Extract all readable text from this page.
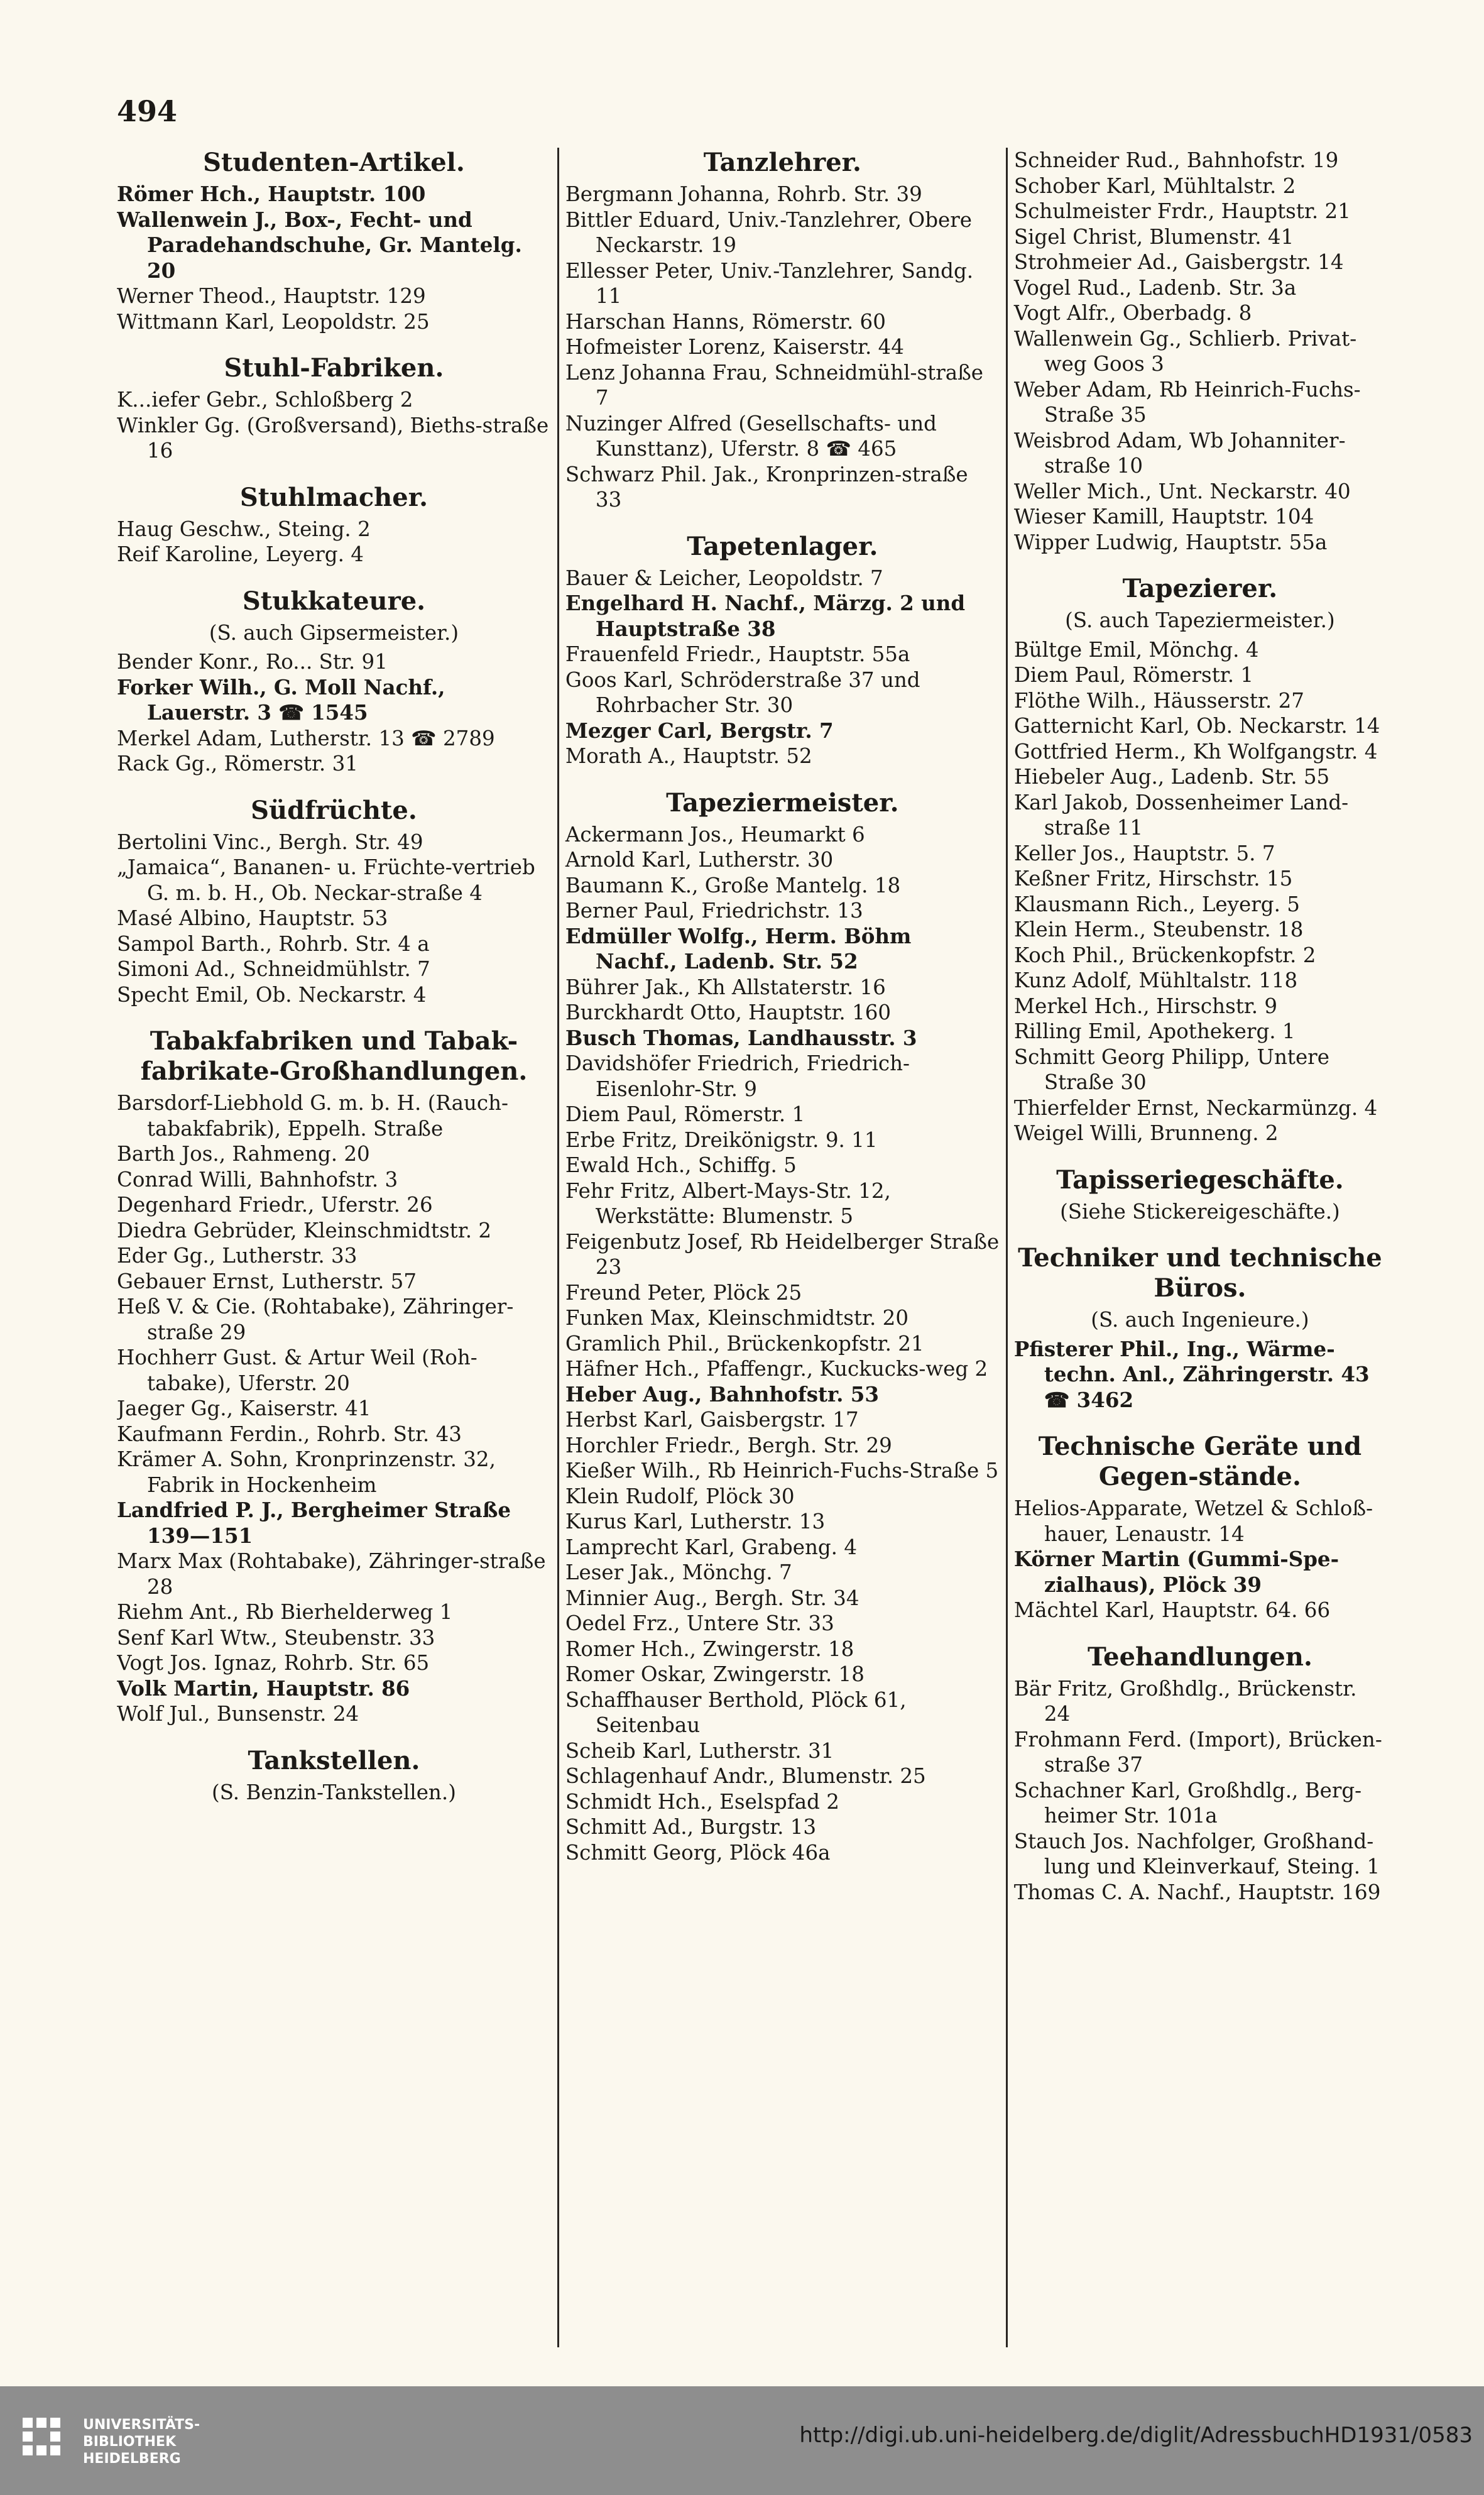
494
Studenten-Artikel.
Römer Hch., Hauptstr. 100
Wallenwein J., Box-, Fecht- und Paradehandschuhe, Gr. Mantelg. 20
Werner Theod., Hauptstr. 129
Wittmann Karl, Leopoldstr. 25
Stuhl-Fabriken.
K...iefer Gebr., Schloßberg 2
Winkler Gg. (Großversand), Bieths-straße 16
Stuhlmacher.
Haug Geschw., Steing. 2
Reif Karoline, Leyerg. 4
Stukkateure.
(S. auch Gipsermeister.)
Bender Konr., Ro... Str. 91
Forker Wilh., G. Moll Nachf., Lauerstr. 3 ☎ 1545
Merkel Adam, Lutherstr. 13 ☎ 2789
Rack Gg., Römerstr. 31
Südfrüchte.
Bertolini Vinc., Bergh. Str. 49
„Jamaica“, Bananen- u. Früchte-vertrieb G. m. b. H., Ob. Neckar-straße 4
Masé Albino, Hauptstr. 53
Sampol Barth., Rohrb. Str. 4 a
Simoni Ad., Schneidmühlstr. 7
Specht Emil, Ob. Neckarstr. 4
Tabakfabriken und Tabak-fabrikate-Großhandlungen.
Barsdorf-Liebhold G. m. b. H. (Rauch-tabakfabrik), Eppelh. Straße
Barth Jos., Rahmeng. 20
Conrad Willi, Bahnhofstr. 3
Degenhard Friedr., Uferstr. 26
Diedra Gebrüder, Kleinschmidtstr. 2
Eder Gg., Lutherstr. 33
Gebauer Ernst, Lutherstr. 57
Heß V. & Cie. (Rohtabake), Zähringer-straße 29
Hochherr Gust. & Artur Weil (Roh-tabake), Uferstr. 20
Jaeger Gg., Kaiserstr. 41
Kaufmann Ferdin., Rohrb. Str. 43
Krämer A. Sohn, Kronprinzenstr. 32, Fabrik in Hockenheim
Landfried P. J., Bergheimer Straße 139—151
Marx Max (Rohtabake), Zähringer-straße 28
Riehm Ant., Rb Bierhelderweg 1
Senf Karl Wtw., Steubenstr. 33
Vogt Jos. Ignaz, Rohrb. Str. 65
Volk Martin, Hauptstr. 86
Wolf Jul., Bunsenstr. 24
Tankstellen.
(S. Benzin-Tankstellen.)
Tanzlehrer.
Bergmann Johanna, Rohrb. Str. 39
Bittler Eduard, Univ.-Tanzlehrer, Obere Neckarstr. 19
Ellesser Peter, Univ.-Tanzlehrer, Sandg. 11
Harschan Hanns, Römerstr. 60
Hofmeister Lorenz, Kaiserstr. 44
Lenz Johanna Frau, Schneidmühl-straße 7
Nuzinger Alfred (Gesellschafts- und Kunsttanz), Uferstr. 8 ☎ 465
Schwarz Phil. Jak., Kronprinzen-straße 33
Tapetenlager.
Bauer & Leicher, Leopoldstr. 7
Engelhard H. Nachf., Märzg. 2 und Hauptstraße 38
Frauenfeld Friedr., Hauptstr. 55a
Goos Karl, Schröderstraße 37 und Rohrbacher Str. 30
Mezger Carl, Bergstr. 7
Morath A., Hauptstr. 52
Tapeziermeister.
Ackermann Jos., Heumarkt 6
Arnold Karl, Lutherstr. 30
Baumann K., Große Mantelg. 18
Berner Paul, Friedrichstr. 13
Edmüller Wolfg., Herm. Böhm Nachf., Ladenb. Str. 52
Bührer Jak., Kh Allstaterstr. 16
Burckhardt Otto, Hauptstr. 160
Busch Thomas, Landhausstr. 3
Davidshöfer Friedrich, Friedrich-Eisenlohr-Str. 9
Diem Paul, Römerstr. 1
Erbe Fritz, Dreikönigstr. 9. 11
Ewald Hch., Schiffg. 5
Fehr Fritz, Albert-Mays-Str. 12, Werkstätte: Blumenstr. 5
Feigenbutz Josef, Rb Heidelberger Straße 23
Freund Peter, Plöck 25
Funken Max, Kleinschmidtstr. 20
Gramlich Phil., Brückenkopfstr. 21
Häfner Hch., Pfaffengr., Kuckucks-weg 2
Heber Aug., Bahnhofstr. 53
Herbst Karl, Gaisbergstr. 17
Horchler Friedr., Bergh. Str. 29
Kießer Wilh., Rb Heinrich-Fuchs-Straße 5
Klein Rudolf, Plöck 30
Kurus Karl, Lutherstr. 13
Lamprecht Karl, Grabeng. 4
Leser Jak., Mönchg. 7
Minnier Aug., Bergh. Str. 34
Oedel Frz., Untere Str. 33
Romer Hch., Zwingerstr. 18
Romer Oskar, Zwingerstr. 18
Schaffhauser Berthold, Plöck 61, Seitenbau
Scheib Karl, Lutherstr. 31
Schlagenhauf Andr., Blumenstr. 25
Schmidt Hch., Eselspfad 2
Schmitt Ad., Burgstr. 13
Schmitt Georg, Plöck 46a
Schneider Rud., Bahnhofstr. 19
Schober Karl, Mühltalstr. 2
Schulmeister Frdr., Hauptstr. 21
Sigel Christ, Blumenstr. 41
Strohmeier Ad., Gaisbergstr. 14
Vogel Rud., Ladenb. Str. 3a
Vogt Alfr., Oberbadg. 8
Wallenwein Gg., Schlierb. Privat-weg Goos 3
Weber Adam, Rb Heinrich-Fuchs-Straße 35
Weisbrod Adam, Wb Johanniter-straße 10
Weller Mich., Unt. Neckarstr. 40
Wieser Kamill, Hauptstr. 104
Wipper Ludwig, Hauptstr. 55a
Tapezierer.
(S. auch Tapeziermeister.)
Bültge Emil, Mönchg. 4
Diem Paul, Römerstr. 1
Flöthe Wilh., Häusserstr. 27
Gatternicht Karl, Ob. Neckarstr. 14
Gottfried Herm., Kh Wolfgangstr. 4
Hiebeler Aug., Ladenb. Str. 55
Karl Jakob, Dossenheimer Land-straße 11
Keller Jos., Hauptstr. 5. 7
Keßner Fritz, Hirschstr. 15
Klausmann Rich., Leyerg. 5
Klein Herm., Steubenstr. 18
Koch Phil., Brückenkopfstr. 2
Kunz Adolf, Mühltalstr. 118
Merkel Hch., Hirschstr. 9
Rilling Emil, Apothekerg. 1
Schmitt Georg Philipp, Untere Straße 30
Thierfelder Ernst, Neckarmünzg. 4
Weigel Willi, Brunneng. 2
Tapisseriegeschäfte.
(Siehe Stickereigeschäfte.)
Techniker und technische Büros.
(S. auch Ingenieure.)
Pfisterer Phil., Ing., Wärme-techn. Anl., Zähringerstr. 43 ☎ 3462
Technische Geräte und Gegen-stände.
Helios-Apparate, Wetzel & Schloß-hauer, Lenaustr. 14
Körner Martin (Gummi-Spe-zialhaus), Plöck 39
Mächtel Karl, Hauptstr. 64. 66
Teehandlungen.
Bär Fritz, Großhdlg., Brückenstr. 24
Frohmann Ferd. (Import), Brücken-straße 37
Schachner Karl, Großhdlg., Berg-heimer Str. 101a
Stauch Jos. Nachfolger, Großhand-lung und Kleinverkauf, Steing. 1
Thomas C. A. Nachf., Hauptstr. 169
UNIVERSITÄTS-
BIBLIOTHEK
HEIDELBERG
http://digi.ub.uni-heidelberg.de/diglit/AdressbuchHD1931/0583
